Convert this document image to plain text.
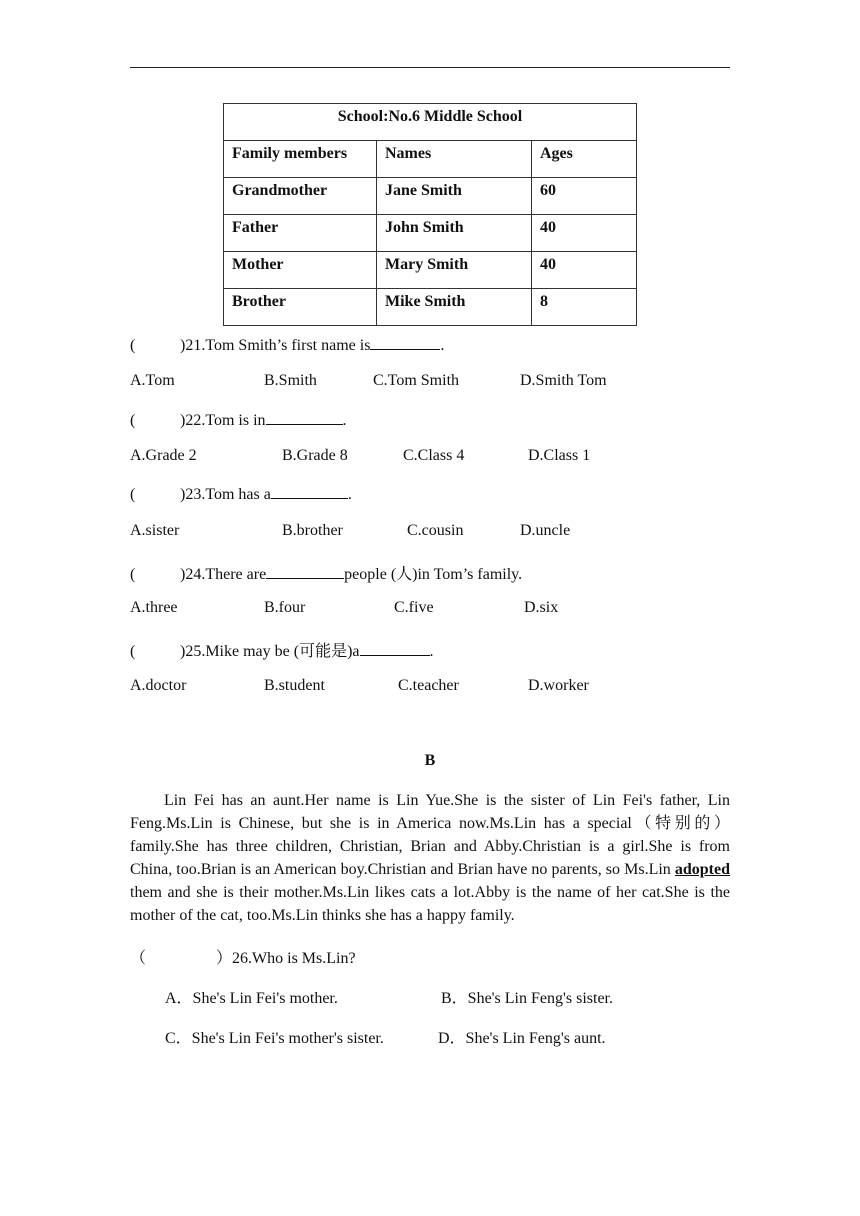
School:No.6 Middle School		
Family members	Names	Ages
Grandmother	Jane Smith	60
Father	John Smith	40
Mother	Mary Smith	40
Brother	Mike Smith	8
(	)21.Tom Smith’s first name is	.
A.Tom	B.Smith	C.Tom Smith	D.Smith Tom
(	)22.Tom is in	.
A.Grade 2	B.Grade 8	C.Class 4	D.Class 1
(	)23.Tom has a	.
A.sister	B.brother	C.cousin	D.uncle
(	)24.There are	people (人)in Tom’s family.
A.three	B.four	C.five	D.six
(	)25.Mike may be (可能是)a	.
A.doctor	B.student	C.teacher	D.worker
B
Lin Fei has an aunt.Her name is Lin Yue.She is the sister of Lin Fei's father, Lin Feng.Ms.Lin is Chinese, but she is in America now.Ms.Lin has a special（特别的）family.She has three children, Christian, Brian and Abby.Christian is a girl.She is from China, too.Brian is an American boy.Christian and Brian have no parents, so Ms.Lin adopted them and she is their mother.Ms.Lin likes cats a lot.Abby is the name of her cat.She is the mother of the cat, too.Ms.Lin thinks she has a happy family.
（	）26.Who is Ms.Lin?
A．She's Lin Fei's mother.	B．She's Lin Feng's sister.
C．She's Lin Fei's mother's sister.	D．She's Lin Feng's aunt.
